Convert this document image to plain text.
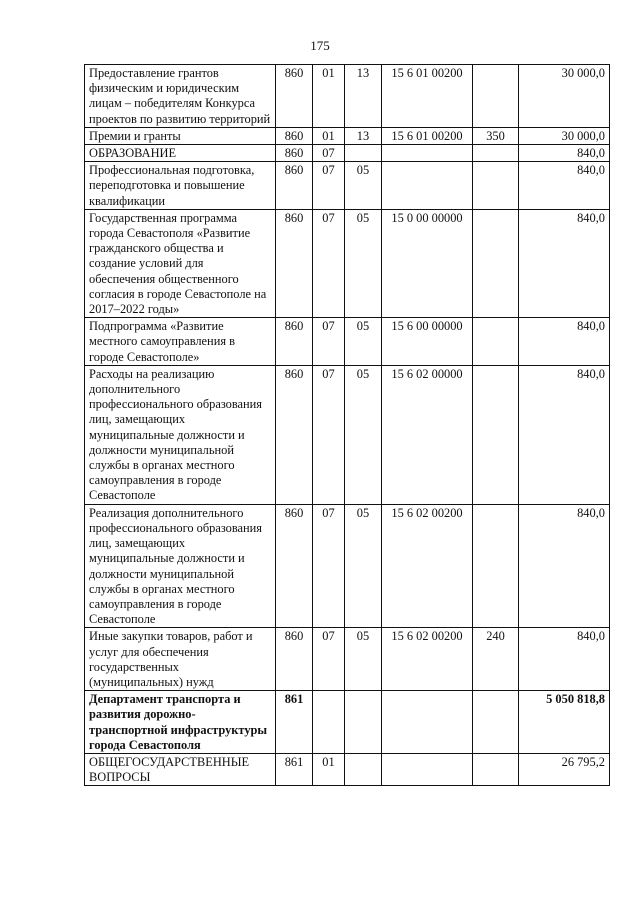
175
Предоставление грантов физическим и юридическим лицам – победителям Конкурса проектов по развитию территорий	860	01	13	15 6 01 00200		30 000,0
Премии и гранты	860	01	13	15 6 01 00200	350	30 000,0
ОБРАЗОВАНИЕ	860	07				840,0
Профессиональная подготовка, переподготовка и повышение квалификации	860	07	05			840,0
Государственная программа города Севастополя «Развитие гражданского общества и создание условий для обеспечения общественного согласия в городе Севастополе на 2017–2022 годы»	860	07	05	15 0 00 00000		840,0
Подпрограмма «Развитие местного самоуправления в городе Севастополе»	860	07	05	15 6 00 00000		840,0
Расходы на реализацию дополнительного профессионального образования лиц, замещающих муниципальные должности и должности муниципальной службы в органах местного самоуправления в городе Севастополе	860	07	05	15 6 02 00000		840,0
Реализация дополнительного профессионального образования лиц, замещающих муниципальные должности и должности муниципальной службы в органах местного самоуправления в городе Севастополе	860	07	05	15 6 02 00200		840,0
Иные закупки товаров, работ и услуг для обеспечения государственных (муниципальных) нужд	860	07	05	15 6 02 00200	240	840,0
Департамент транспорта и развития дорожно-транспортной инфраструктуры города Севастополя	861					5 050 818,8
ОБЩЕГОСУДАРСТВЕННЫЕ ВОПРОСЫ	861	01				26 795,2
